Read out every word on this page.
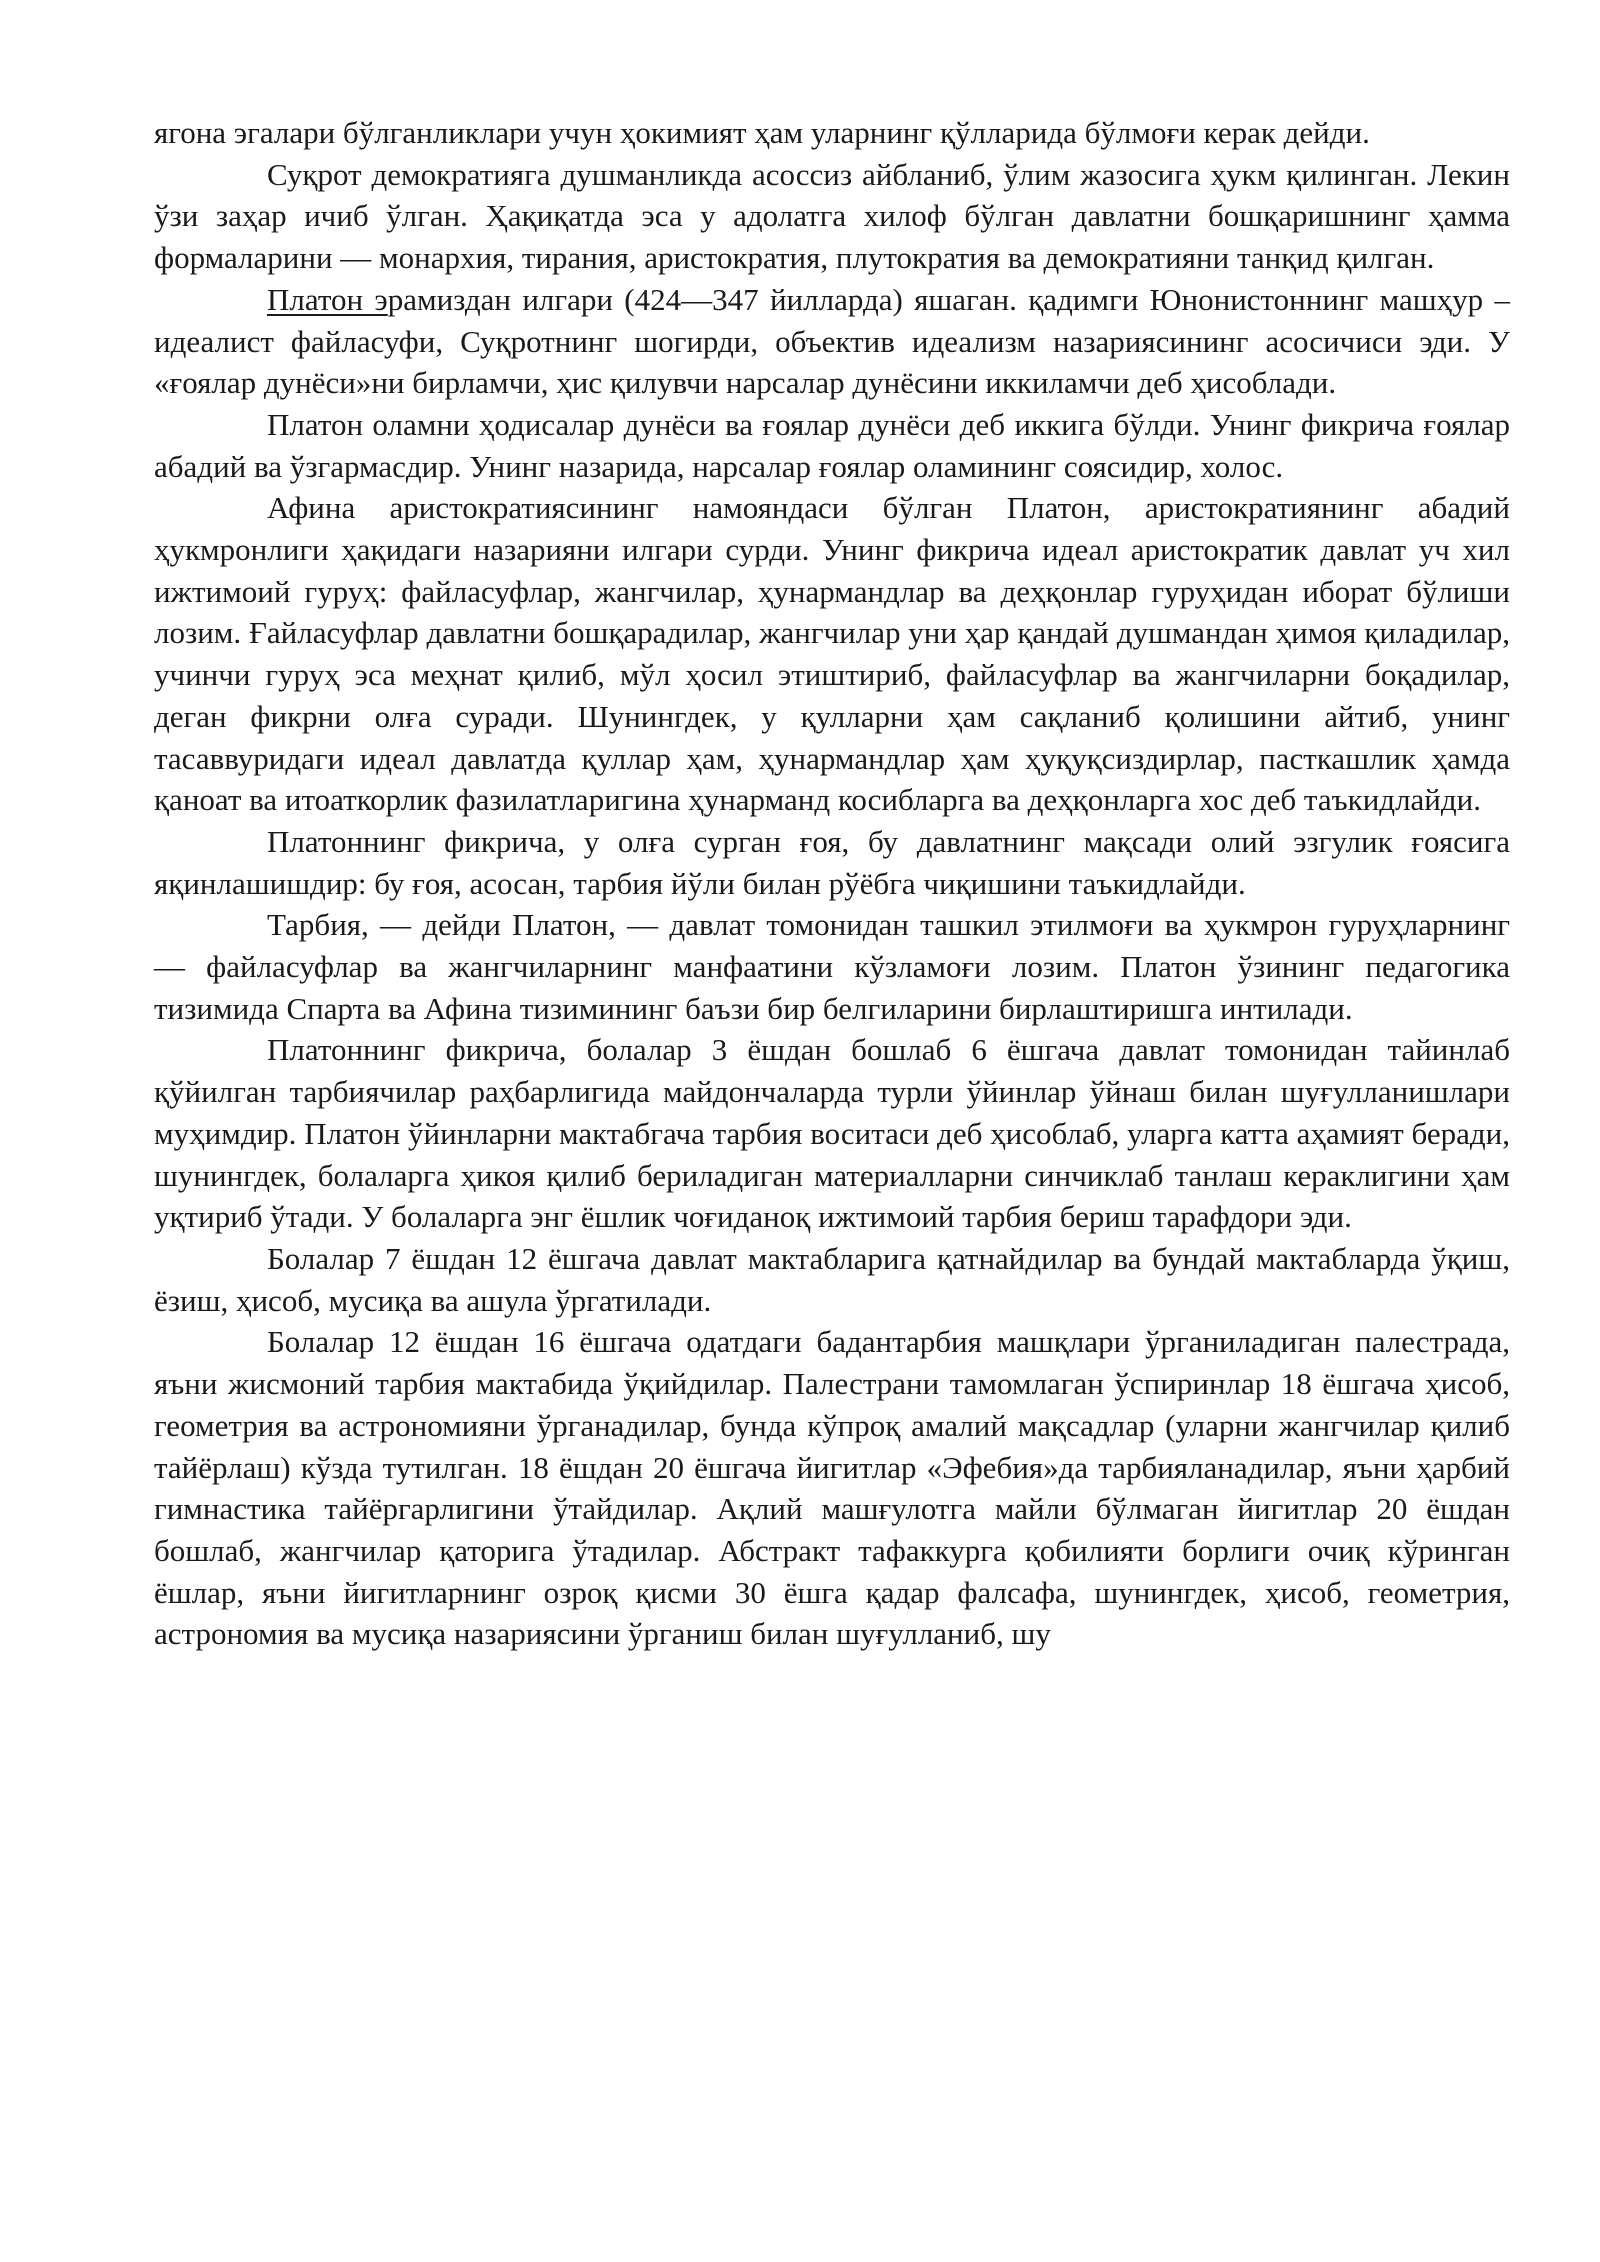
ягона эгалари бўлганликлари учун ҳокимият ҳам уларнинг қўлларида бўлмоғи керак дейди.

Суқрот демократияга душманликда асоссиз айбланиб, ўлим жазосига ҳукм қилинган. Лекин ўзи заҳар ичиб ўлган. Ҳақиқатда эса у адолатга хилоф бўлган давлатни бошқаришнинг ҳамма формаларини — монархия, тирания, аристократия, плутократия ва демократияни танқид қилган.

Платон эрамиздан илгари (424—347 йилларда) яшаган. қадимги Юнонистоннинг машҳур – идеалист файласуфи, Суқротнинг шогирди, объектив идеализм назариясининг асосичиси эди. У «ғоялар дунёси»ни бирламчи, ҳис қилувчи нарсалар дунёсини иккиламчи деб ҳисоблади.

Платон оламни ҳодисалар дунёси ва ғоялар дунёси деб иккига бўлди. Унинг фикрича ғоялар абадий ва ўзгармасдир. Унинг назарида, нарсалар ғоялар оламининг соясидир, холос.

Афина аристократиясининг намояндаси бўлган Платон, аристократиянинг абадий ҳукмронлиги ҳақидаги назарияни илгари сурди. Унинг фикрича идеал аристократик давлат уч хил ижтимоий гуруҳ: файласуфлар, жангчилар, ҳунармандлар ва деҳқонлар гуруҳидан иборат бўлиши лозим. Ғайласуфлар давлатни бошқарадилар, жангчилар уни ҳар қандай душмандан ҳимоя қиладилар, учинчи гуруҳ эса меҳнат қилиб, мўл ҳосил этиштириб, файласуфлар ва жангчиларни боқадилар, деган фикрни олға суради. Шунингдек, у қулларни ҳам сақланиб қолишини айтиб, унинг тасаввуридаги идеал давлатда қуллар ҳам, ҳунармандлар ҳам ҳуқуқсиздирлар, пасткашлик ҳамда қаноат ва итоаткорлик фазилатларигина ҳунарманд косибларга ва деҳқонларга хос деб таъкидлайди.

Платоннинг фикрича, у олға сурган ғоя, бу давлатнинг мақсади олий эзгулик ғоясига яқинлашишдир: бу ғоя, асосан, тарбия йўли билан рўёбга чиқишини таъкидлайди.

Тарбия, — дейди Платон, — давлат томонидан ташкил этилмоғи ва ҳукмрон гуруҳларнинг — файласуфлар ва жангчиларнинг манфаатини кўзламоғи лозим. Платон ўзининг педагогика тизимида Спарта ва Афина тизимининг баъзи бир белгиларини бирлаштиришга интилади.

Платоннинг фикрича, болалар 3 ёшдан бошлаб 6 ёшгача давлат томонидан тайинлаб қўйилган тарбиячилар раҳбарлигида майдончаларда турли ўйинлар ўйнаш билан шуғулланишлари муҳимдир. Платон ўйинларни мактабгача тарбия воситаси деб ҳисоблаб, уларга катта аҳамият беради, шунингдек, болаларга ҳикоя қилиб бериладиган материалларни синчиклаб танлаш кераклигини ҳам уқтириб ўтади. У болаларга энг ёшлик чоғиданоқ ижтимоий тарбия бериш тарафдори эди.

Болалар 7 ёшдан 12 ёшгача давлат мактабларига қатнайдилар ва бундай мактабларда ўқиш, ёзиш, ҳисоб, мусиқа ва ашула ўргатилади.

Болалар 12 ёшдан 16 ёшгача одатдаги бадантарбия машқлари ўрганиладиган палестрада, яъни жисмоний тарбия мактабида ўқийдилар. Палестрани тамомлаган ўспиринлар 18 ёшгача ҳисоб, геометрия ва астрономияни ўрганадилар, бунда кўпроқ амалий мақсадлар (уларни жангчилар қилиб тайёрлаш) кўзда тутилган. 18 ёшдан 20 ёшгача йигитлар «Эфебия»да тарбияланадилар, яъни ҳарбий гимнастика тайёргарлигини ўтайдилар. Ақлий машғулотга майли бўлмаган йигитлар 20 ёшдан бошлаб, жангчилар қаторига ўтадилар. Абстракт тафаккурга қобилияти борлиги очиқ кўринган ёшлар, яъни йигитларнинг озроқ қисми 30 ёшга қадар фалсафа, шунингдек, ҳисоб, геометрия, астрономия ва мусиқа назариясини ўрганиш билан шуғулланиб, шу
